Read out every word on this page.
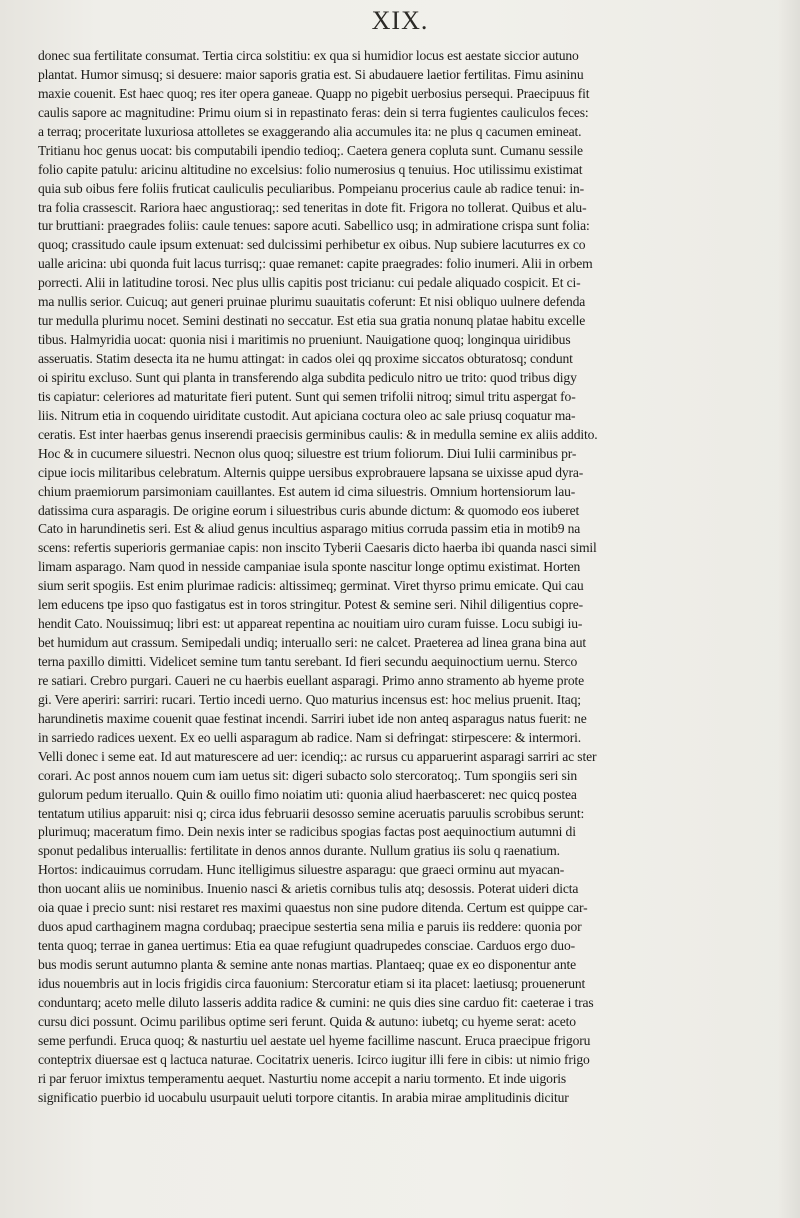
XIX.
donec sua fertilitate consumat. Tertia circa solstitiu: ex qua si humidior locus est aestate siccior autuno
plantat. Humor simusq; si desuere: maior saporis gratia est. Si abudauere laetior fertilitas. Fimu asininu
maxie couenit. Est haec quoq; res iter opera ganeae. Quapp no pigebit uerbosius persequi. Praecipuus fit
caulis sapore ac magnitudine: Primu oium si in repastinato feras: dein si terra fugientes cauliculos feces:
a terraq; proceritate luxuriosa attolletes se exaggerando alia accumules ita: ne plus q cacumen emineat.
Tritianu hoc genus uocat: bis computabili ipendio tedioq;. Caetera genera copluta sunt. Cumanu sessile
folio capite patulu: aricinu altitudine no excelsius: folio numerosius q tenuius. Hoc utilissimu existimat
quia sub oibus fere foliis fruticat cauliculis peculiaribus. Pompeianu procerius caule ab radice tenui: in-
tra folia crassescit. Rariora haec angustioraq;: sed teneritas in dote fit. Frigora no tollerat. Quibus et alu-
tur bruttiani: praegrades foliis: caule tenues: sapore acuti. Sabellico usq; in admiratione crispa sunt folia:
quoq; crassitudo caule ipsum extenuat: sed dulcissimi perhibetur ex oibus. Nup subiere lacuturres ex co
ualle aricina: ubi quonda fuit lacus turrisq;: quae remanet: capite praegrades: folio inumeri. Alii in orbem
porrecti. Alii in latitudine torosi. Nec plus ullis capitis post tricianu: cui pedale aliquado cospicit. Et ci-
ma nullis serior. Cuicuq; aut generi pruinae plurimu suauitatis coferunt: Et nisi obliquo uulnere defenda
tur medulla plurimu nocet. Semini destinati no seccatur. Est etia sua gratia nonunq platae habitu excelle
tibus. Halmyridia uocat: quonia nisi i maritimis no prueniunt. Nauigatione quoq; longinqua uiridibus
asseruatis. Statim desecta ita ne humu attingat: in cados olei qq proxime siccatos obturatosq; condunt
oi spiritu excluso. Sunt qui planta in transferendo alga subdita pediculo nitro ue trito: quod tribus digy
tis capiatur: celeriores ad maturitate fieri putent. Sunt qui semen trifolii nitroq; simul tritu aspergat fo-
liis. Nitrum etia in coquendo uiriditate custodit. Aut apiciana coctura oleo ac sale priusq coquatur ma-
ceratis. Est inter haerbas genus inserendi praecisis germinibus caulis: & in medulla semine ex aliis addito.
Hoc & in cucumere siluestri. Necnon olus quoq; siluestre est trium foliorum. Diui Iulii carminibus pr-
cipue iocis militaribus celebratum. Alternis quippe uersibus exprobrauere lapsana se uixisse apud dyra-
chium praemiorum parsimoniam cauillantes. Est autem id cima siluestris. Omnium hortensiorum lau-
datissima cura asparagis. De origine eorum i siluestribus curis abunde dictum: & quomodo eos iuberet
Cato in harundinetis seri. Est & aliud genus incultius asparago mitius corruda passim etia in motib9 na
scens: refertis superioris germaniae capis: non inscito Tyberii Caesaris dicto haerba ibi quanda nasci simil
limam asparago. Nam quod in nesside campaniae isula sponte nascitur longe optimu existimat. Horten
sium serit spogiis. Est enim plurimae radicis: altissimeq; germinat. Viret thyrso primu emicate. Qui cau
lem educens tpe ipso quo fastigatus est in toros stringitur. Potest & semine seri. Nihil diligentius copre-
hendit Cato. Nouissimuq; libri est: ut appareat repentina ac nouitiam uiro curam fuisse. Locu subigi iu-
bet humidum aut crassum. Semipedali undiq; interuallo seri: ne calcet. Praeterea ad linea grana bina aut
terna paxillo dimitti. Videlicet semine tum tantu serebant. Id fieri secundu aequinoctium uernu. Sterco
re satiari. Crebro purgari. Caueri ne cu haerbis euellant asparagi. Primo anno stramento ab hyeme prote
gi. Vere aperiri: sarriri: rucari. Tertio incedi uerno. Quo maturius incensus est: hoc melius pruenit. Itaq;
harundinetis maxime couenit quae festinat incendi. Sarriri iubet ide non anteq asparagus natus fuerit: ne
in sarriedo radices uexent. Ex eo uelli asparagum ab radice. Nam si defringat: stirpescere: & intermori.
Velli donec i seme eat. Id aut maturescere ad uer: icendiq;: ac rursus cu apparuerint asparagi sarriri ac ster
corari. Ac post annos nouem cum iam uetus sit: digeri subacto solo stercoratoq;. Tum spongiis seri sin
gulorum pedum iteruallo. Quin & ouillo fimo noiatim uti: quonia aliud haerbasceret: nec quicq postea
tentatum utilius apparuit: nisi q; circa idus februarii desosso semine aceruatis paruulis scrobibus serunt:
plurimuq; maceratum fimo. Dein nexis inter se radicibus spogias factas post aequinoctium autumni di
sponut pedalibus interuallis: fertilitate in denos annos durante. Nullum gratius iis solu q raenatium.
Hortos: indicauimus corrudam. Hunc itelligimus siluestre asparagu: que graeci orminu aut myacan-
thon uocant aliis ue nominibus. Inuenio nasci & arietis cornibus tulis atq; desossis. Poterat uideri dicta
oia quae i precio sunt: nisi restaret res maximi quaestus non sine pudore ditenda. Certum est quippe car-
duos apud carthaginem magna cordubaq; praecipue sestertia sena milia e paruis iis reddere: quonia por
tenta quoq; terrae in ganea uertimus: Etia ea quae refugiunt quadrupedes consciae. Carduos ergo duo-
bus modis serunt autumno planta & semine ante nonas martias. Plantaeq; quae ex eo disponentur ante
idus nouembris aut in locis frigidis circa fauonium: Stercoratur etiam si ita placet: laetiusq; prouenerunt
conduntarq; aceto melle diluto lasseris addita radice & cumini: ne quis dies sine carduo fit: caeterae i tras
cursu dici possunt. Ocimu parilibus optime seri ferunt. Quida & autuno: iubetq; cu hyeme serat: aceto
seme perfundi. Eruca quoq; & nasturtiu uel aestate uel hyeme facillime nascunt. Eruca praecipue frigoru
conteptrix diuersae est q lactuca naturae. Cocitatrix ueneris. Icirco iugitur illi fere in cibis: ut nimio frigo
ri par feruor imixtus temperamentu aequet. Nasturtiu nome accepit a nariu tormento. Et inde uigoris
significatio puerbio id uocabulu usurpauit ueluti torpore citantis. In arabia mirae amplitudinis dicitur
